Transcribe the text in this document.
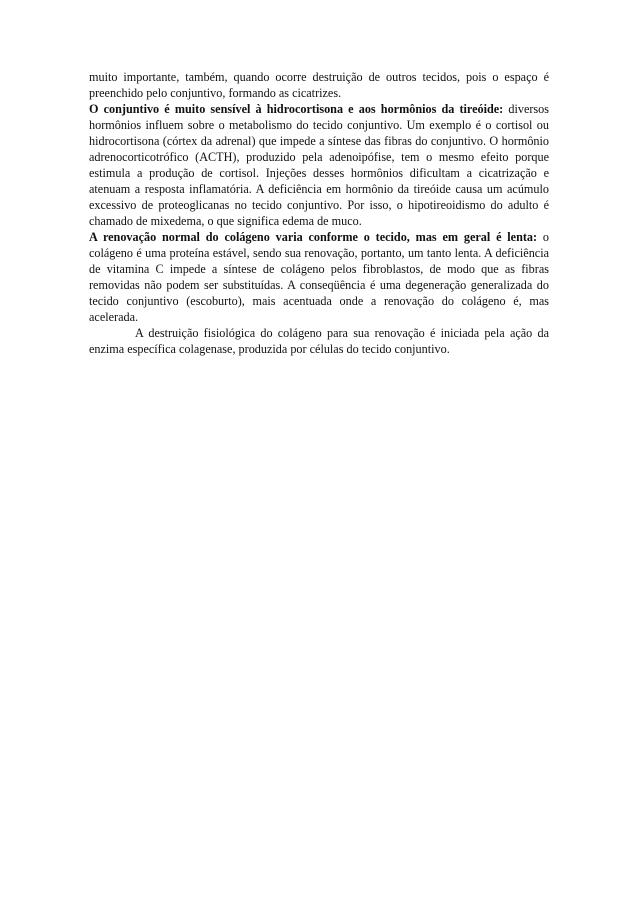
muito importante, também, quando ocorre destruição de outros tecidos, pois o espaço é preenchido pelo conjuntivo, formando as cicatrizes.

O conjuntivo é muito sensível à hidrocortisona e aos hormônios da tireóide: diversos hormônios influem sobre o metabolismo do tecido conjuntivo. Um exemplo é o cortisol ou hidrocortisona (córtex da adrenal) que impede a síntese das fibras do conjuntivo. O hormônio adrenocorticotrófico (ACTH), produzido pela adenoipófise, tem o mesmo efeito porque estimula a produção de cortisol. Injeções desses hormônios dificultam a cicatrização e atenuam a resposta inflamatória. A deficiência em hormônio da tireóide causa um acúmulo excessivo de proteoglicanas no tecido conjuntivo. Por isso, o hipotireoidismo do adulto é chamado de mixedema, o que significa edema de muco.

A renovação normal do colágeno varia conforme o tecido, mas em geral é lenta: o colágeno é uma proteína estável, sendo sua renovação, portanto, um tanto lenta. A deficiência de vitamina C impede a síntese de colágeno pelos fibroblastos, de modo que as fibras removidas não podem ser substituídas. A conseqüência é uma degeneração generalizada do tecido conjuntivo (escoburto), mais acentuada onde a renovação do colágeno é, mas acelerada.

A destruição fisiológica do colágeno para sua renovação é iniciada pela ação da enzima específica colagenase, produzida por células do tecido conjuntivo.
